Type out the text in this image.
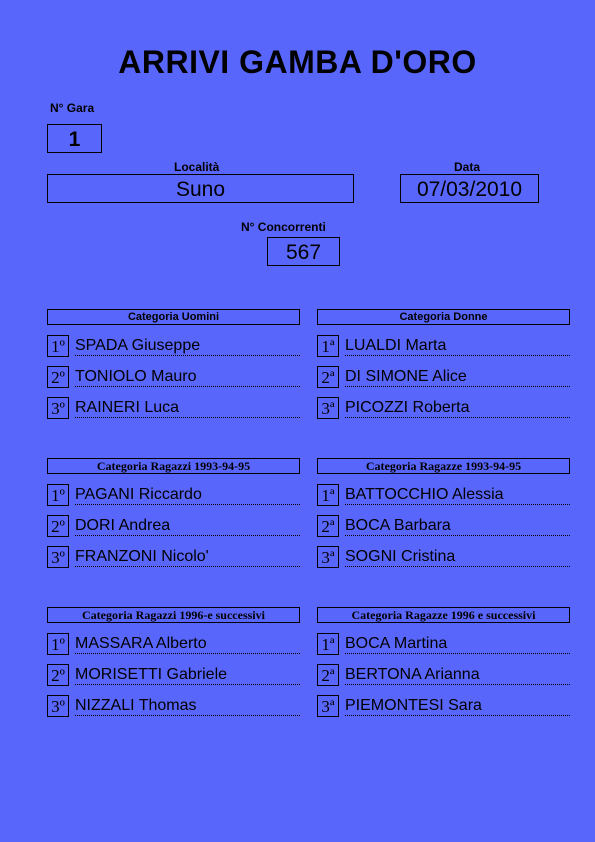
ARRIVI GAMBA D'ORO
N° Gara
1
Località
Suno
Data
07/03/2010
N° Concorrenti
567
Categoria Uomini
1º SPADA Giuseppe
2º TONIOLO Mauro
3º RAINERI Luca
Categoria Donne
1ª LUALDI Marta
2ª DI SIMONE Alice
3ª PICOZZI Roberta
Categoria Ragazzi 1993-94-95
1º PAGANI Riccardo
2º DORI Andrea
3º FRANZONI Nicolo'
Categoria Ragazze 1993-94-95
1ª BATTOCCHIO Alessia
2ª BOCA Barbara
3ª SOGNI Cristina
Categoria Ragazzi 1996-e successivi
1º MASSARA Alberto
2º MORISETTI Gabriele
3º NIZZALI Thomas
Categoria Ragazze 1996 e successivi
1ª BOCA Martina
2ª BERTONA Arianna
3ª PIEMONTESI Sara
